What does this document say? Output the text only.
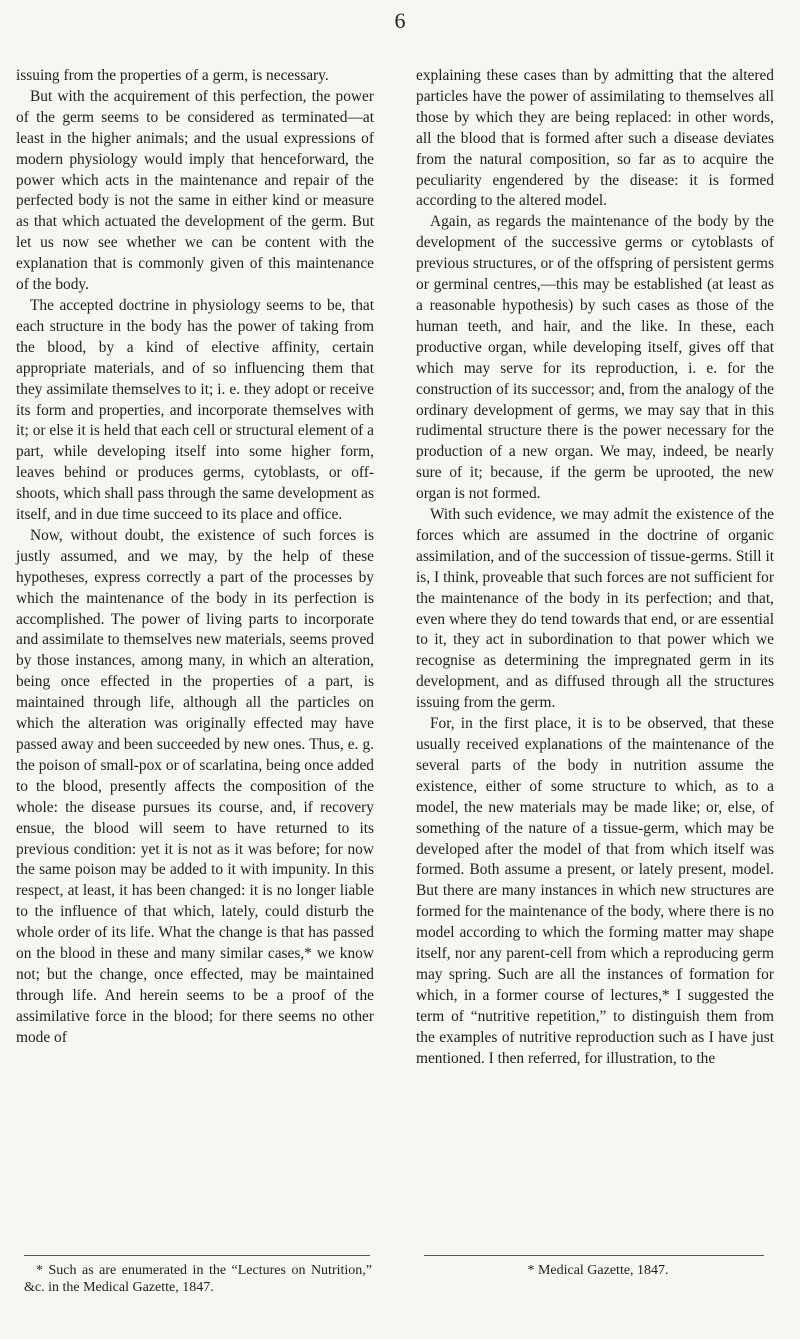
6

issuing from the properties of a germ, is necessary.

But with the acquirement of this perfection, the power of the germ seems to be considered as terminated—at least in the higher animals; and the usual expressions of modern physiology would imply that henceforward, the power which acts in the maintenance and repair of the perfected body is not the same in either kind or measure as that which actuated the development of the germ. But let us now see whether we can be content with the explanation that is commonly given of this maintenance of the body.

The accepted doctrine in physiology seems to be, that each structure in the body has the power of taking from the blood, by a kind of elective affinity, certain appropriate materials, and of so influencing them that they assimilate themselves to it; i. e. they adopt or receive its form and properties, and incorporate themselves with it; or else it is held that each cell or structural element of a part, while developing itself into some higher form, leaves behind or produces germs, cytoblasts, or off-shoots, which shall pass through the same development as itself, and in due time succeed to its place and office.

Now, without doubt, the existence of such forces is justly assumed, and we may, by the help of these hypotheses, express correctly a part of the processes by which the maintenance of the body in its perfection is accomplished. The power of living parts to incorporate and assimilate to themselves new materials, seems proved by those instances, among many, in which an alteration, being once effected in the properties of a part, is maintained through life, although all the particles on which the alteration was originally effected may have passed away and been succeeded by new ones. Thus, e. g. the poison of small-pox or of scarlatina, being once added to the blood, presently affects the composition of the whole: the disease pursues its course, and, if recovery ensue, the blood will seem to have returned to its previous condition: yet it is not as it was before; for now the same poison may be added to it with impunity. In this respect, at least, it has been changed: it is no longer liable to the influence of that which, lately, could disturb the whole order of its life. What the change is that has passed on the blood in these and many similar cases,* we know not; but the change, once effected, may be maintained through life. And herein seems to be a proof of the assimilative force in the blood; for there seems no other mode of

explaining these cases than by admitting that the altered particles have the power of assimilating to themselves all those by which they are being replaced: in other words, all the blood that is formed after such a disease deviates from the natural composition, so far as to acquire the peculiarity engendered by the disease: it is formed according to the altered model.

Again, as regards the maintenance of the body by the development of the successive germs or cytoblasts of previous structures, or of the offspring of persistent germs or germinal centres,—this may be established (at least as a reasonable hypothesis) by such cases as those of the human teeth, and hair, and the like. In these, each productive organ, while developing itself, gives off that which may serve for its reproduction, i. e. for the construction of its successor; and, from the analogy of the ordinary development of germs, we may say that in this rudimental structure there is the power necessary for the production of a new organ. We may, indeed, be nearly sure of it; because, if the germ be uprooted, the new organ is not formed.

With such evidence, we may admit the existence of the forces which are assumed in the doctrine of organic assimilation, and of the succession of tissue-germs. Still it is, I think, proveable that such forces are not sufficient for the maintenance of the body in its perfection; and that, even where they do tend towards that end, or are essential to it, they act in subordination to that power which we recognise as determining the impregnated germ in its development, and as diffused through all the structures issuing from the germ.

For, in the first place, it is to be observed, that these usually received explanations of the maintenance of the several parts of the body in nutrition assume the existence, either of some structure to which, as to a model, the new materials may be made like; or, else, of something of the nature of a tissue-germ, which may be developed after the model of that from which itself was formed. Both assume a present, or lately present, model. But there are many instances in which new structures are formed for the maintenance of the body, where there is no model according to which the forming matter may shape itself, nor any parent-cell from which a reproducing germ may spring. Such are all the instances of formation for which, in a former course of lectures,* I suggested the term of “nutritive repetition,” to distinguish them from the examples of nutritive reproduction such as I have just mentioned. I then referred, for illustration, to the

* Such as are enumerated in the “Lectures on Nutrition,” &c. in the Medical Gazette, 1847.
* Medical Gazette, 1847.
